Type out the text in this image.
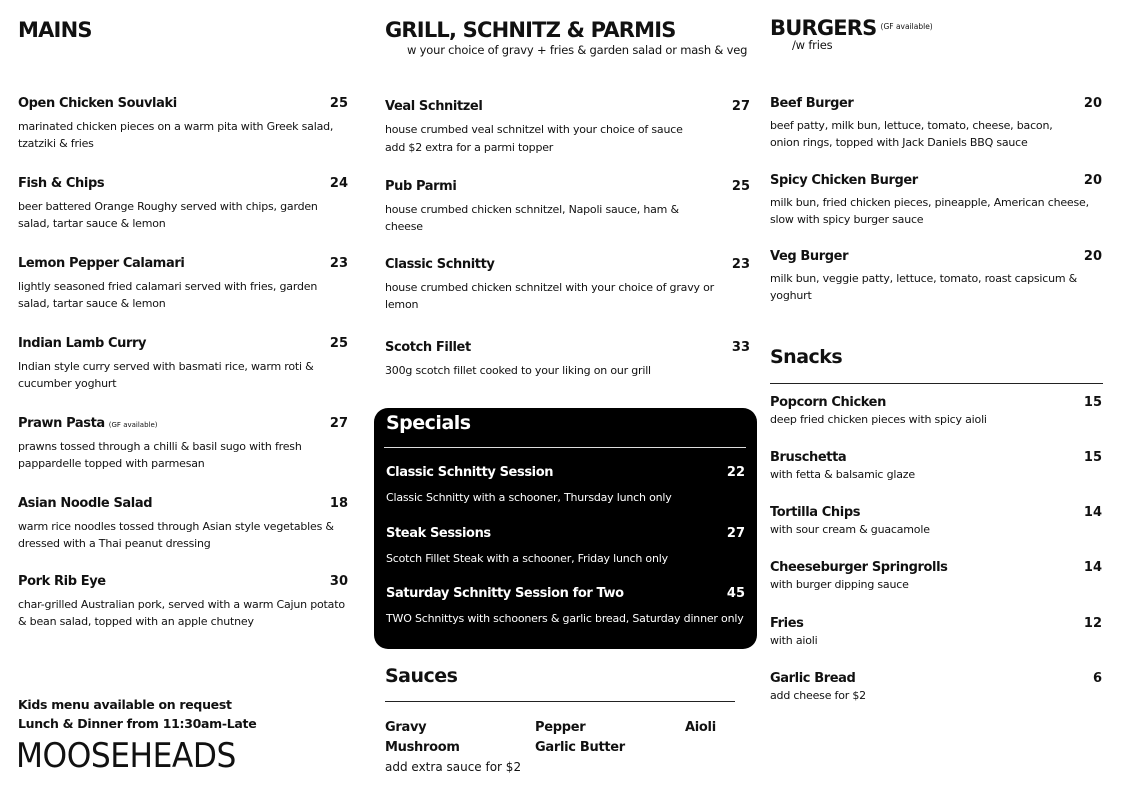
MAINS
Open Chicken Souvlaki	25
marinated chicken pieces on a warm pita with Greek salad, tzatziki & fries
Fish & Chips	24
beer battered Orange Roughy served with chips, garden salad, tartar sauce & lemon
Lemon Pepper Calamari	23
lightly seasoned fried calamari served with fries, garden salad, tartar sauce & lemon
Indian Lamb Curry	25
Indian style curry served with basmati rice, warm roti & cucumber yoghurt
Prawn Pasta (GF available)	27
prawns tossed through a chilli & basil sugo with fresh pappardelle topped with parmesan
Asian Noodle Salad	18
warm rice noodles tossed through Asian style vegetables & dressed with a Thai peanut dressing
Pork Rib Eye	30
char-grilled Australian pork, served with a warm Cajun potato & bean salad, topped with an apple chutney
Kids menu available on request
Lunch & Dinner from 11:30am-Late
MOOSEHEADS
GRILL, SCHNITZ & PARMIS
w your choice of gravy + fries & garden salad or mash & veg
Veal Schnitzel	27
house crumbed veal schnitzel with your choice of sauce
add $2 extra for a parmi topper
Pub Parmi	25
house crumbed chicken schnitzel, Napoli sauce, ham & cheese
Classic Schnitty	23
house crumbed chicken schnitzel with your choice of gravy or lemon
Scotch Fillet	33
300g scotch fillet cooked to your liking on our grill
Specials
Classic Schnitty Session	22
Classic Schnitty with a schooner, Thursday lunch only
Steak Sessions	27
Scotch Fillet Steak with a schooner, Friday lunch only
Saturday Schnitty Session for Two	45
TWO Schnittys with schooners & garlic bread, Saturday dinner only
Sauces
Gravy	Pepper	Aioli
Mushroom	Garlic Butter
add extra sauce for $2
BURGERS $^{(GF available)}$
/w fries
Beef Burger	20
beef patty, milk bun, lettuce, tomato, cheese, bacon, onion rings, topped with Jack Daniels BBQ sauce
Spicy Chicken Burger	20
milk bun, fried chicken pieces, pineapple, American cheese, slow with spicy burger sauce
Veg Burger	20
milk bun, veggie patty, lettuce, tomato, roast capsicum & yoghurt
Snacks
Popcorn Chicken	15
deep fried chicken pieces with spicy aioli
Bruschetta	15
with fetta & balsamic glaze
Tortilla Chips	14
with sour cream & guacamole
Cheeseburger Springrolls	14
with burger dipping sauce
Fries	12
with aioli
Garlic Bread	6
add cheese for $2
